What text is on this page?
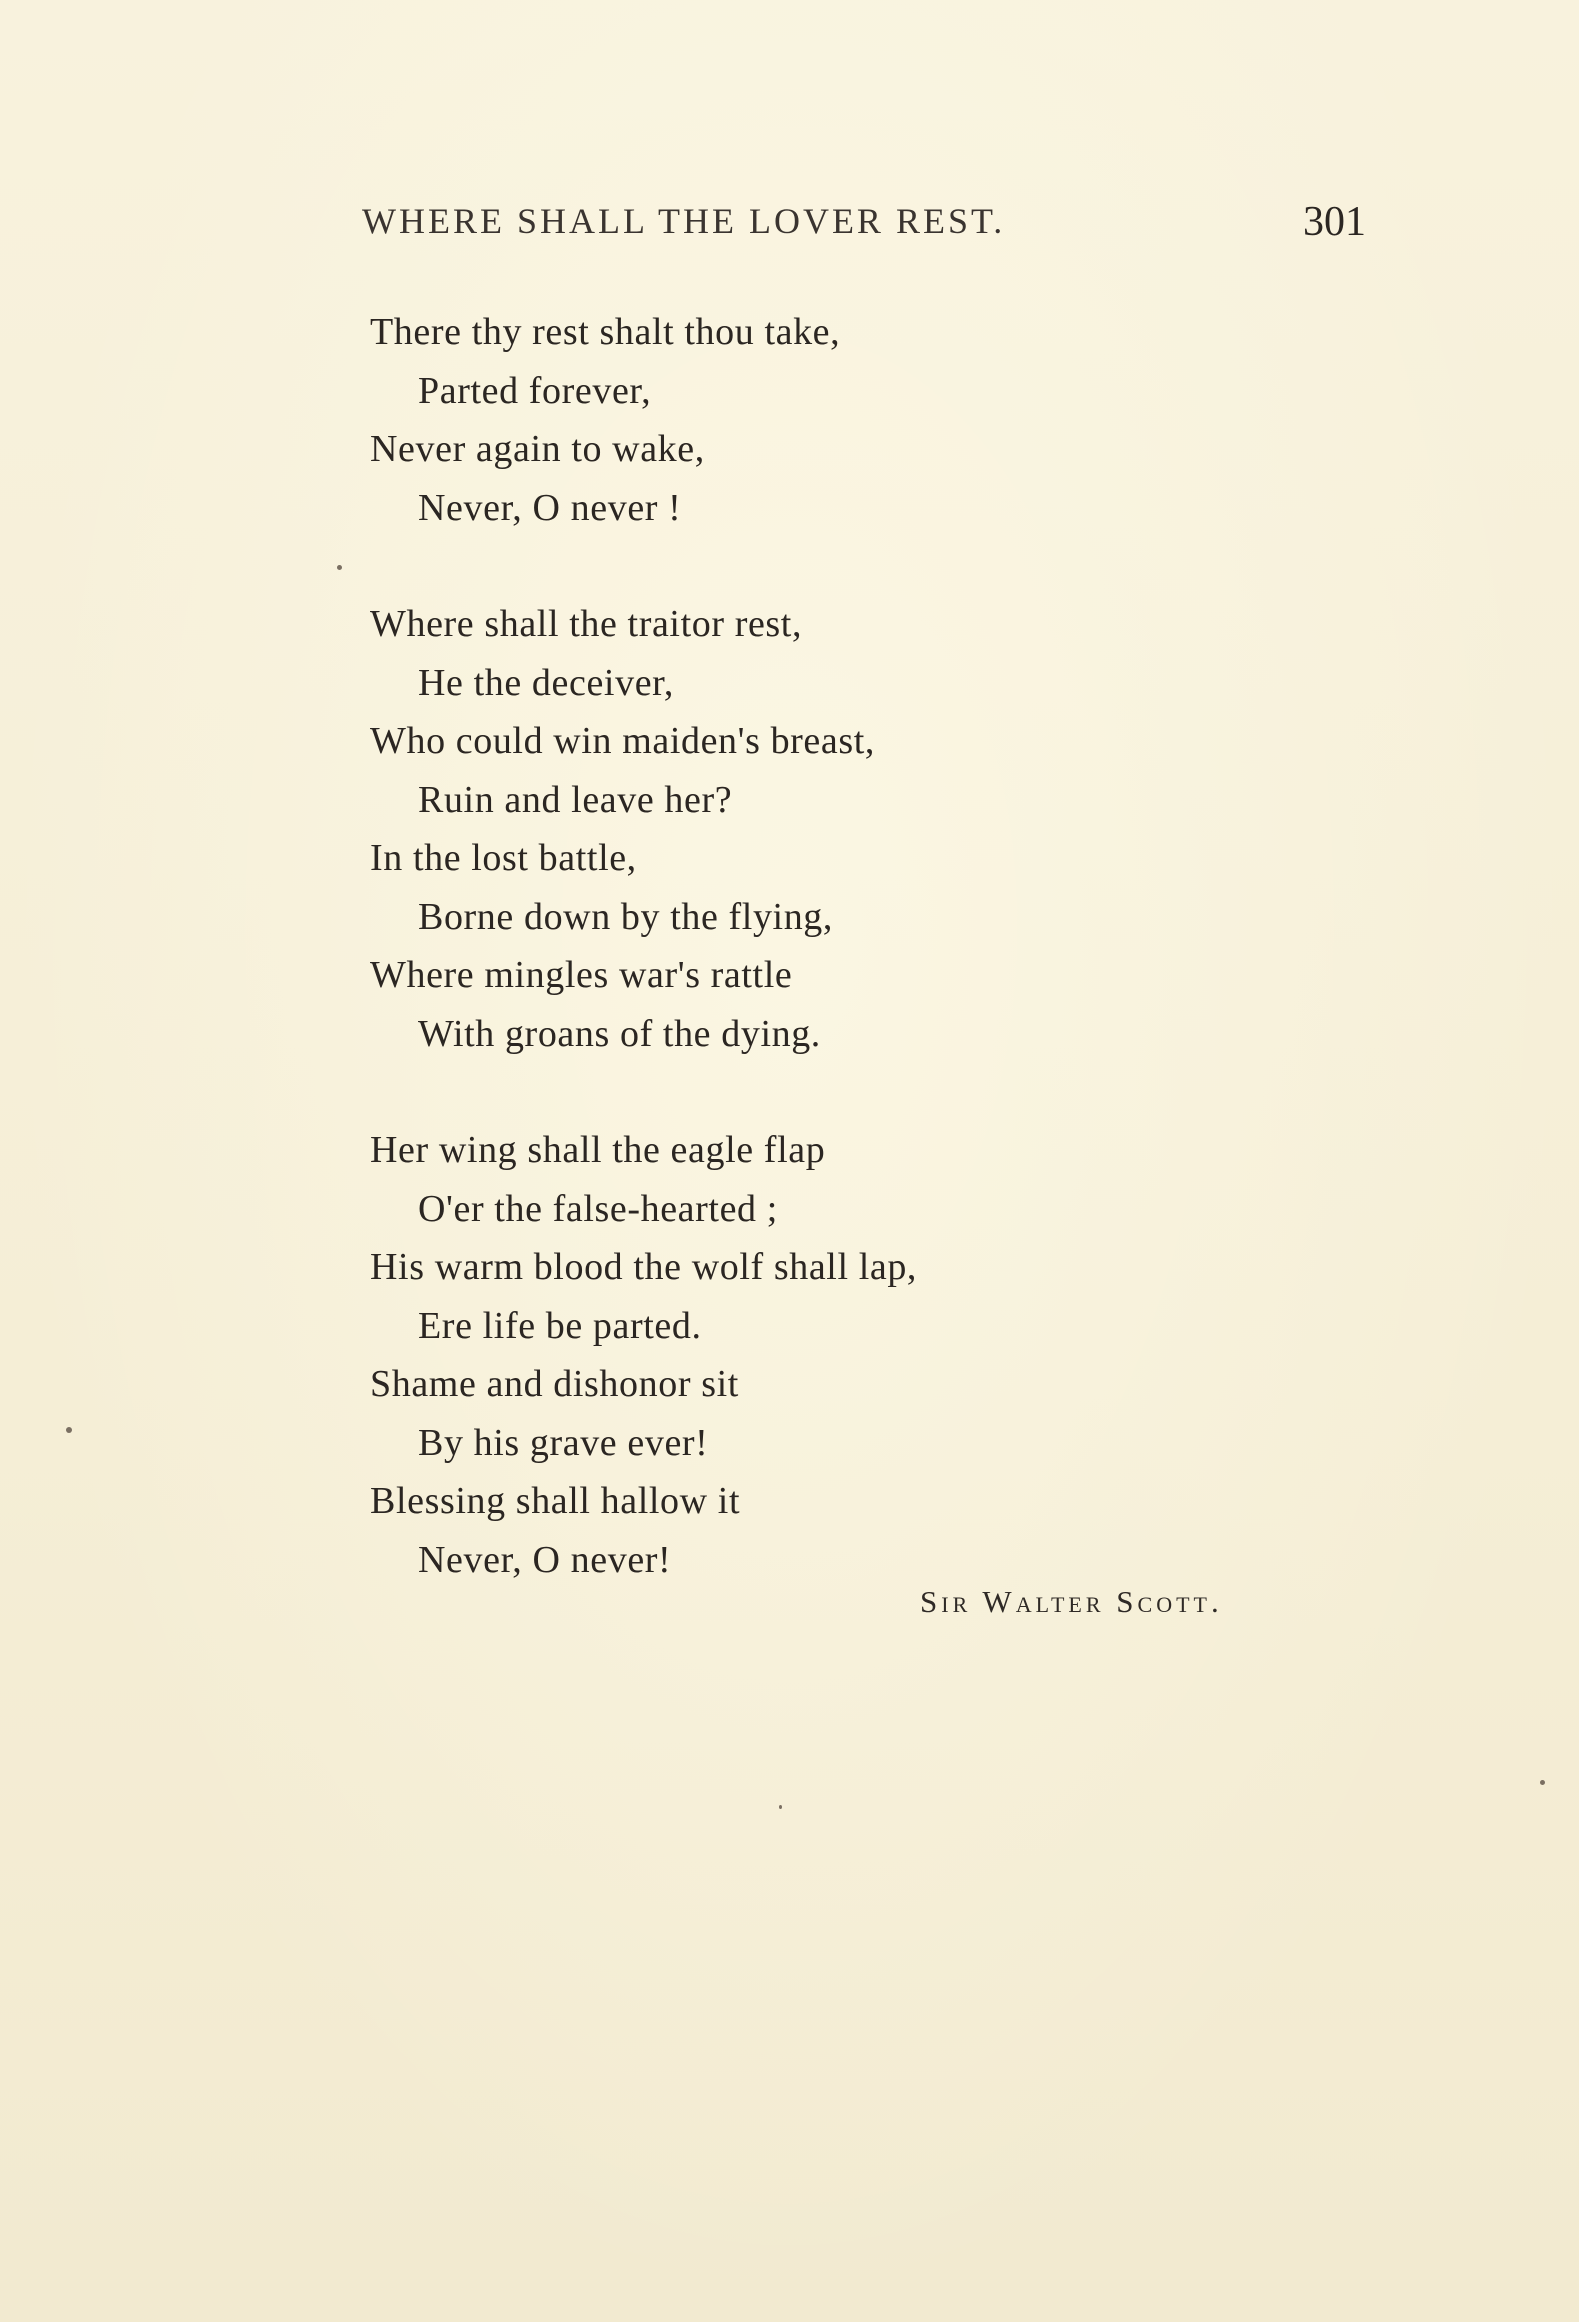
WHERE SHALL THE LOVER REST.	301
There thy rest shalt thou take,
Parted forever,
Never again to wake,
Never, O never !
Where shall the traitor rest,
He the deceiver,
Who could win maiden's breast,
Ruin and leave her?
In the lost battle,
Borne down by the flying,
Where mingles war's rattle
With groans of the dying.
Her wing shall the eagle flap
O'er the false-hearted ;
His warm blood the wolf shall lap,
Ere life be parted.
Shame and dishonor sit
By his grave ever!
Blessing shall hallow it
Never, O never!
Sir Walter Scott.
